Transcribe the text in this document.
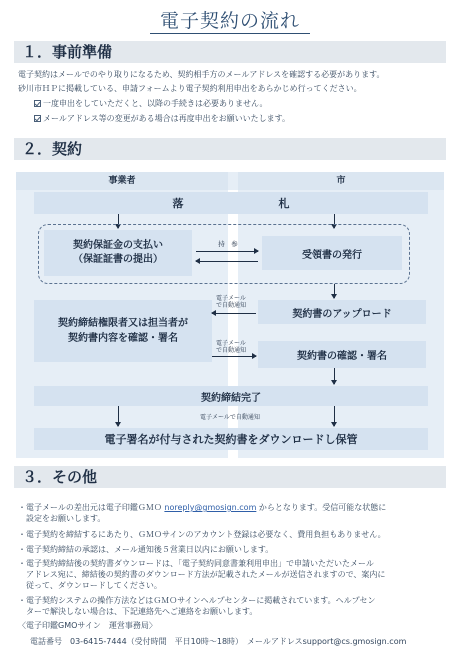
電子契約の流れ
１．事前準備
電子契約はメールでのやり取りになるため、契約相手方のメールアドレスを確認する必要があります。
砂川市ＨＰに掲載している、申請フォームより電子契約利用申出をあらかじめ行ってください。
一度申出をしていただくと、以降の手続きは必要ありません。
メールアドレス等の変更がある場合は再度申出をお願いいたします。
２．契約
事業者	市
落	札
契約保証金の支払い
（保証証書の提出）	受領書の発行
持　参
契約書のアップロード
契約締結権限者又は担当者が
契約書内容を確認・署名
電子メール
で自動通知
電子メール
で自動通知
契約書の確認・署名
契約締結完了
電子メールで自動通知
電子署名が付与された契約書をダウンロードし保管
３．その他
・電子メールの差出元は電子印鑑ＧＭＯ noreply@gmosign.com からとなります。受信可能な状態に
　設定をお願いします。
・電子契約を締結するにあたり、ＧＭＯサインのアカウント登録は必要なく、費用負担もありません。
・電子契約締結の承認は、メール通知後５営業日以内にお願いします。
・電子契約締結後の契約書ダウンロードは、「電子契約同意書兼利用申出」で申請いただいたメール
　アドレス宛に、締結後の契約書のダウンロード方法が記載されたメールが送信されますので、案内に
　従って、ダウンロードしてください。
・電子契約システムの操作方法などはＧＭＯサインヘルプセンターに掲載されています。ヘルプセン
　ターで解決しない場合は、下記連絡先へご連絡をお願いします。
〈電子印鑑GMOサイン　運営事務局〉
電話番号　03-6415-7444（受付時間　平日10時～18時）　メールアドレスsupport@cs.gmosign.com
